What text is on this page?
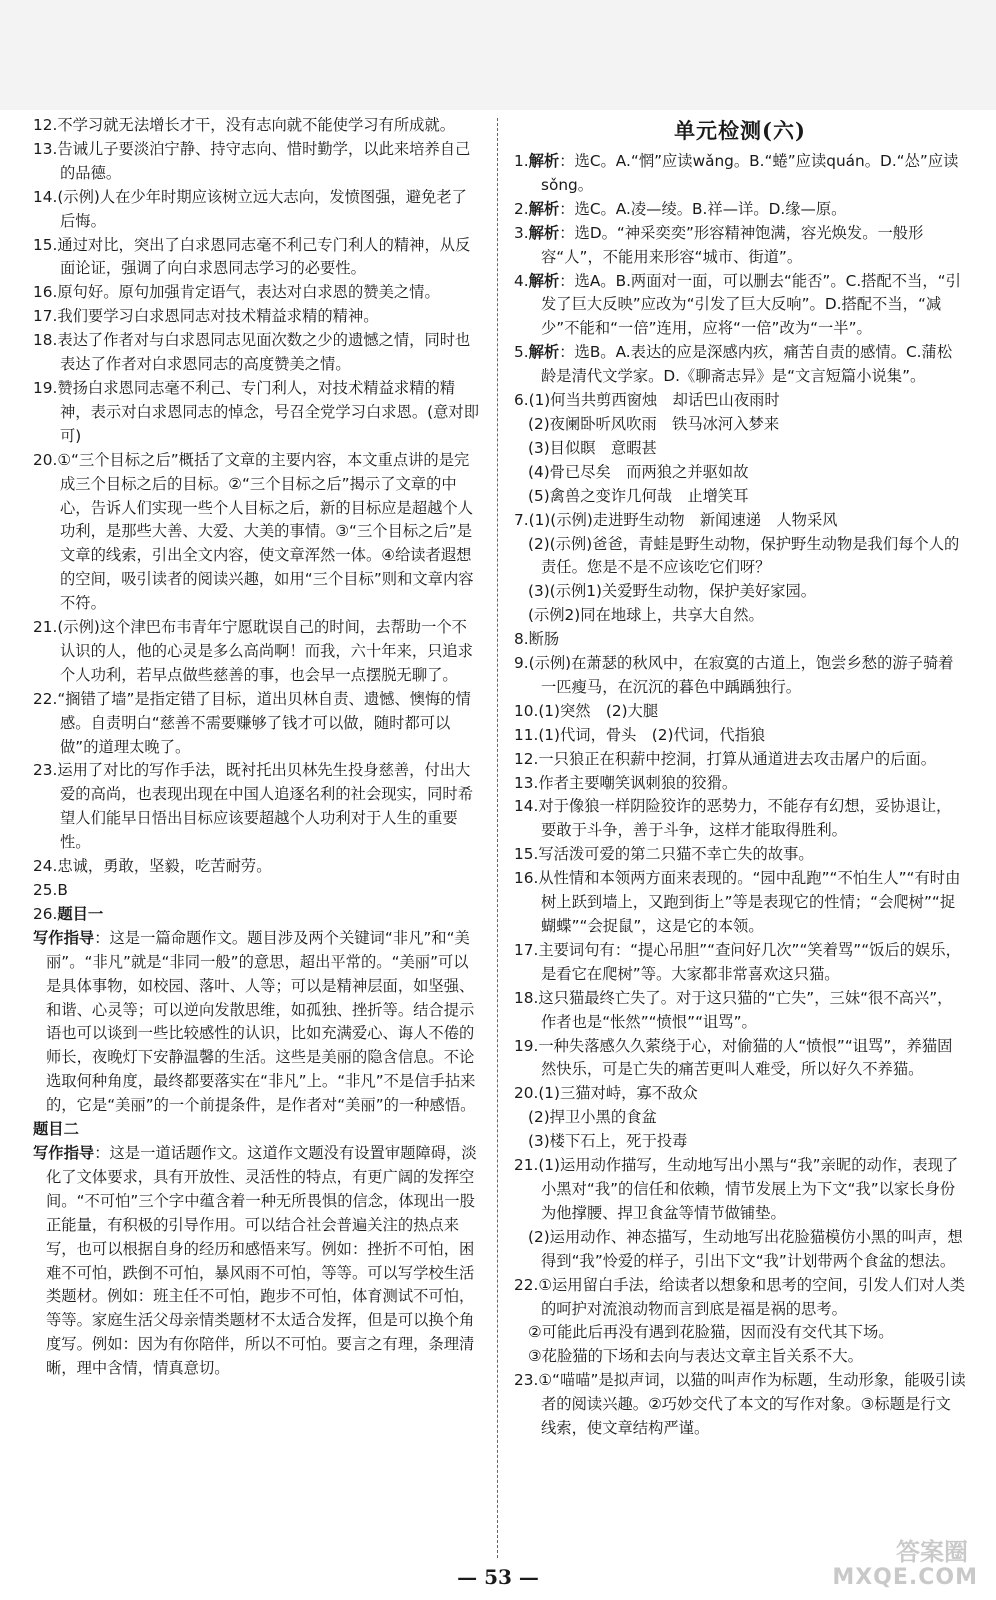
12.不学习就无法增长才干，没有志向就不能使学习有所成就。

13.告诫儿子要淡泊宁静、持守志向、惜时勤学，以此来培养自己的品德。

14.(示例)人在少年时期应该树立远大志向，发愤图强，避免老了后悔。

15.通过对比，突出了白求恩同志毫不利己专门利人的精神，从反面论证，强调了向白求恩同志学习的必要性。

16.原句好。原句加强肯定语气，表达对白求恩的赞美之情。

17.我们要学习白求恩同志对技术精益求精的精神。

18.表达了作者对与白求恩同志见面次数之少的遗憾之情，同时也表达了作者对白求恩同志的高度赞美之情。

19.赞扬白求恩同志毫不利己、专门利人，对技术精益求精的精神，表示对白求恩同志的悼念，号召全党学习白求恩。(意对即可)

20.①“三个目标之后”概括了文章的主要内容，本文重点讲的是完成三个目标之后的目标。②“三个目标之后”揭示了文章的中心，告诉人们实现一些个人目标之后，新的目标应是超越个人功利，是那些大善、大爱、大美的事情。③“三个目标之后”是文章的线索，引出全文内容，使文章浑然一体。④给读者遐想的空间，吸引读者的阅读兴趣，如用“三个目标”则和文章内容不符。

21.(示例)这个津巴布韦青年宁愿耽误自己的时间，去帮助一个不认识的人，他的心灵是多么高尚啊！而我，六十年来，只追求个人功利，若早点做些慈善的事，也会早一点摆脱无聊了。

22.“搁错了墙”是指定错了目标，道出贝林自责、遗憾、懊悔的情感。自责明白“慈善不需要赚够了钱才可以做，随时都可以做”的道理太晚了。

23.运用了对比的写作手法，既衬托出贝林先生投身慈善，付出大爱的高尚，也表现出现在中国人追逐名利的社会现实，同时希望人们能早日悟出目标应该要超越个人功利对于人生的重要性。

24.忠诚，勇敢，坚毅，吃苦耐劳。

25.B

26.题目一

写作指导：这是一篇命题作文。题目涉及两个关键词“非凡”和“美丽”。“非凡”就是“非同一般”的意思，超出平常的。“美丽”可以是具体事物，如校园、落叶、人等；可以是精神层面，如坚强、和谐、心灵等；可以逆向发散思维，如孤独、挫折等。结合提示语也可以谈到一些比较感性的认识，比如充满爱心、诲人不倦的师长，夜晚灯下安静温馨的生活。这些是美丽的隐含信息。不论选取何种角度，最终都要落实在“非凡”上。“非凡”不是信手拈来的，它是“美丽”的一个前提条件，是作者对“美丽”的一种感悟。

题目二

写作指导：这是一道话题作文。这道作文题没有设置审题障碍，淡化了文体要求，具有开放性、灵活性的特点，有更广阔的发挥空间。“不可怕”三个字中蕴含着一种无所畏惧的信念，体现出一股正能量，有积极的引导作用。可以结合社会普遍关注的热点来写，也可以根据自身的经历和感悟来写。例如：挫折不可怕，困难不可怕，跌倒不可怕，暴风雨不可怕，等等。可以写学校生活类题材。例如：班主任不可怕，跑步不可怕，体育测试不可怕，等等。家庭生活父母亲情类题材不太适合发挥，但是可以换个角度写。例如：因为有你陪伴，所以不可怕。要言之有理，条理清晰，理中含情，情真意切。

单元检测(六)

1.解析：选C。A.“惘”应读wǎng。B.“蜷”应读quán。D.“怂”应读sǒng。

2.解析：选C。A.凌—绫。B.祥—详。D.缘—原。

3.解析：选D。“神采奕奕”形容精神饱满，容光焕发。一般形容“人”，不能用来形容“城市、街道”。

4.解析：选A。B.两面对一面，可以删去“能否”。C.搭配不当，“引发了巨大反映”应改为“引发了巨大反响”。D.搭配不当，“减少”不能和“一倍”连用，应将“一倍”改为“一半”。

5.解析：选B。A.表达的应是深感内疚，痛苦自责的感情。C.蒲松龄是清代文学家。D.《聊斋志异》是“文言短篇小说集”。

6.(1)何当共剪西窗烛　却话巴山夜雨时

(2)夜阑卧听风吹雨　铁马冰河入梦来

(3)目似瞑　意暇甚

(4)骨已尽矣　而两狼之并驱如故

(5)禽兽之变诈几何哉　止增笑耳

7.(1)(示例)走进野生动物　新闻速递　人物采风

(2)(示例)爸爸，青蛙是野生动物，保护野生动物是我们每个人的责任。您是不是不应该吃它们呀？

(3)(示例1)关爱野生动物，保护美好家园。

(示例2)同在地球上，共享大自然。

8.断肠

9.(示例)在萧瑟的秋风中，在寂寞的古道上，饱尝乡愁的游子骑着一匹瘦马，在沉沉的暮色中踽踽独行。

10.(1)突然　(2)大腿

11.(1)代词，骨头　(2)代词，代指狼

12.一只狼正在积薪中挖洞，打算从通道进去攻击屠户的后面。

13.作者主要嘲笑讽刺狼的狡猾。

14.对于像狼一样阴险狡诈的恶势力，不能存有幻想，妥协退让，要敢于斗争，善于斗争，这样才能取得胜利。

15.写活泼可爱的第二只猫不幸亡失的故事。

16.从性情和本领两方面来表现的。“园中乱跑”“不怕生人”“有时由树上跃到墙上，又跑到街上”等是表现它的性情；“会爬树”“捉蝴蝶”“会捉鼠”，这是它的本领。

17.主要词句有：“提心吊胆”“查问好几次”“笑着骂”“饭后的娱乐，是看它在爬树”等。大家都非常喜欢这只猫。

18.这只猫最终亡失了。对于这只猫的“亡失”，三妹“很不高兴”，作者也是“怅然”“愤恨”“诅骂”。

19.一种失落感久久萦绕于心，对偷猫的人“愤恨”“诅骂”，养猫固然快乐，可是亡失的痛苦更叫人难受，所以好久不养猫。

20.(1)三猫对峙，寡不敌众

(2)捍卫小黑的食盆

(3)楼下石上，死于投毒

21.(1)运用动作描写，生动地写出小黑与“我”亲昵的动作，表现了小黑对“我”的信任和依赖，情节发展上为下文“我”以家长身份为他撑腰、捍卫食盆等情节做铺垫。

(2)运用动作、神态描写，生动地写出花脸猫模仿小黑的叫声，想得到“我”怜爱的样子，引出下文“我”计划带两个食盆的想法。

22.①运用留白手法，给读者以想象和思考的空间，引发人们对人类的呵护对流浪动物而言到底是福是祸的思考。

②可能此后再没有遇到花脸猫，因而没有交代其下场。

③花脸猫的下场和去向与表达文章主旨关系不大。

23.①“喵喵”是拟声词，以猫的叫声作为标题，生动形象，能吸引读者的阅读兴趣。②巧妙交代了本文的写作对象。③标题是行文线索，使文章结构严谨。

— 53 —
答案圈
MXQE.COM
